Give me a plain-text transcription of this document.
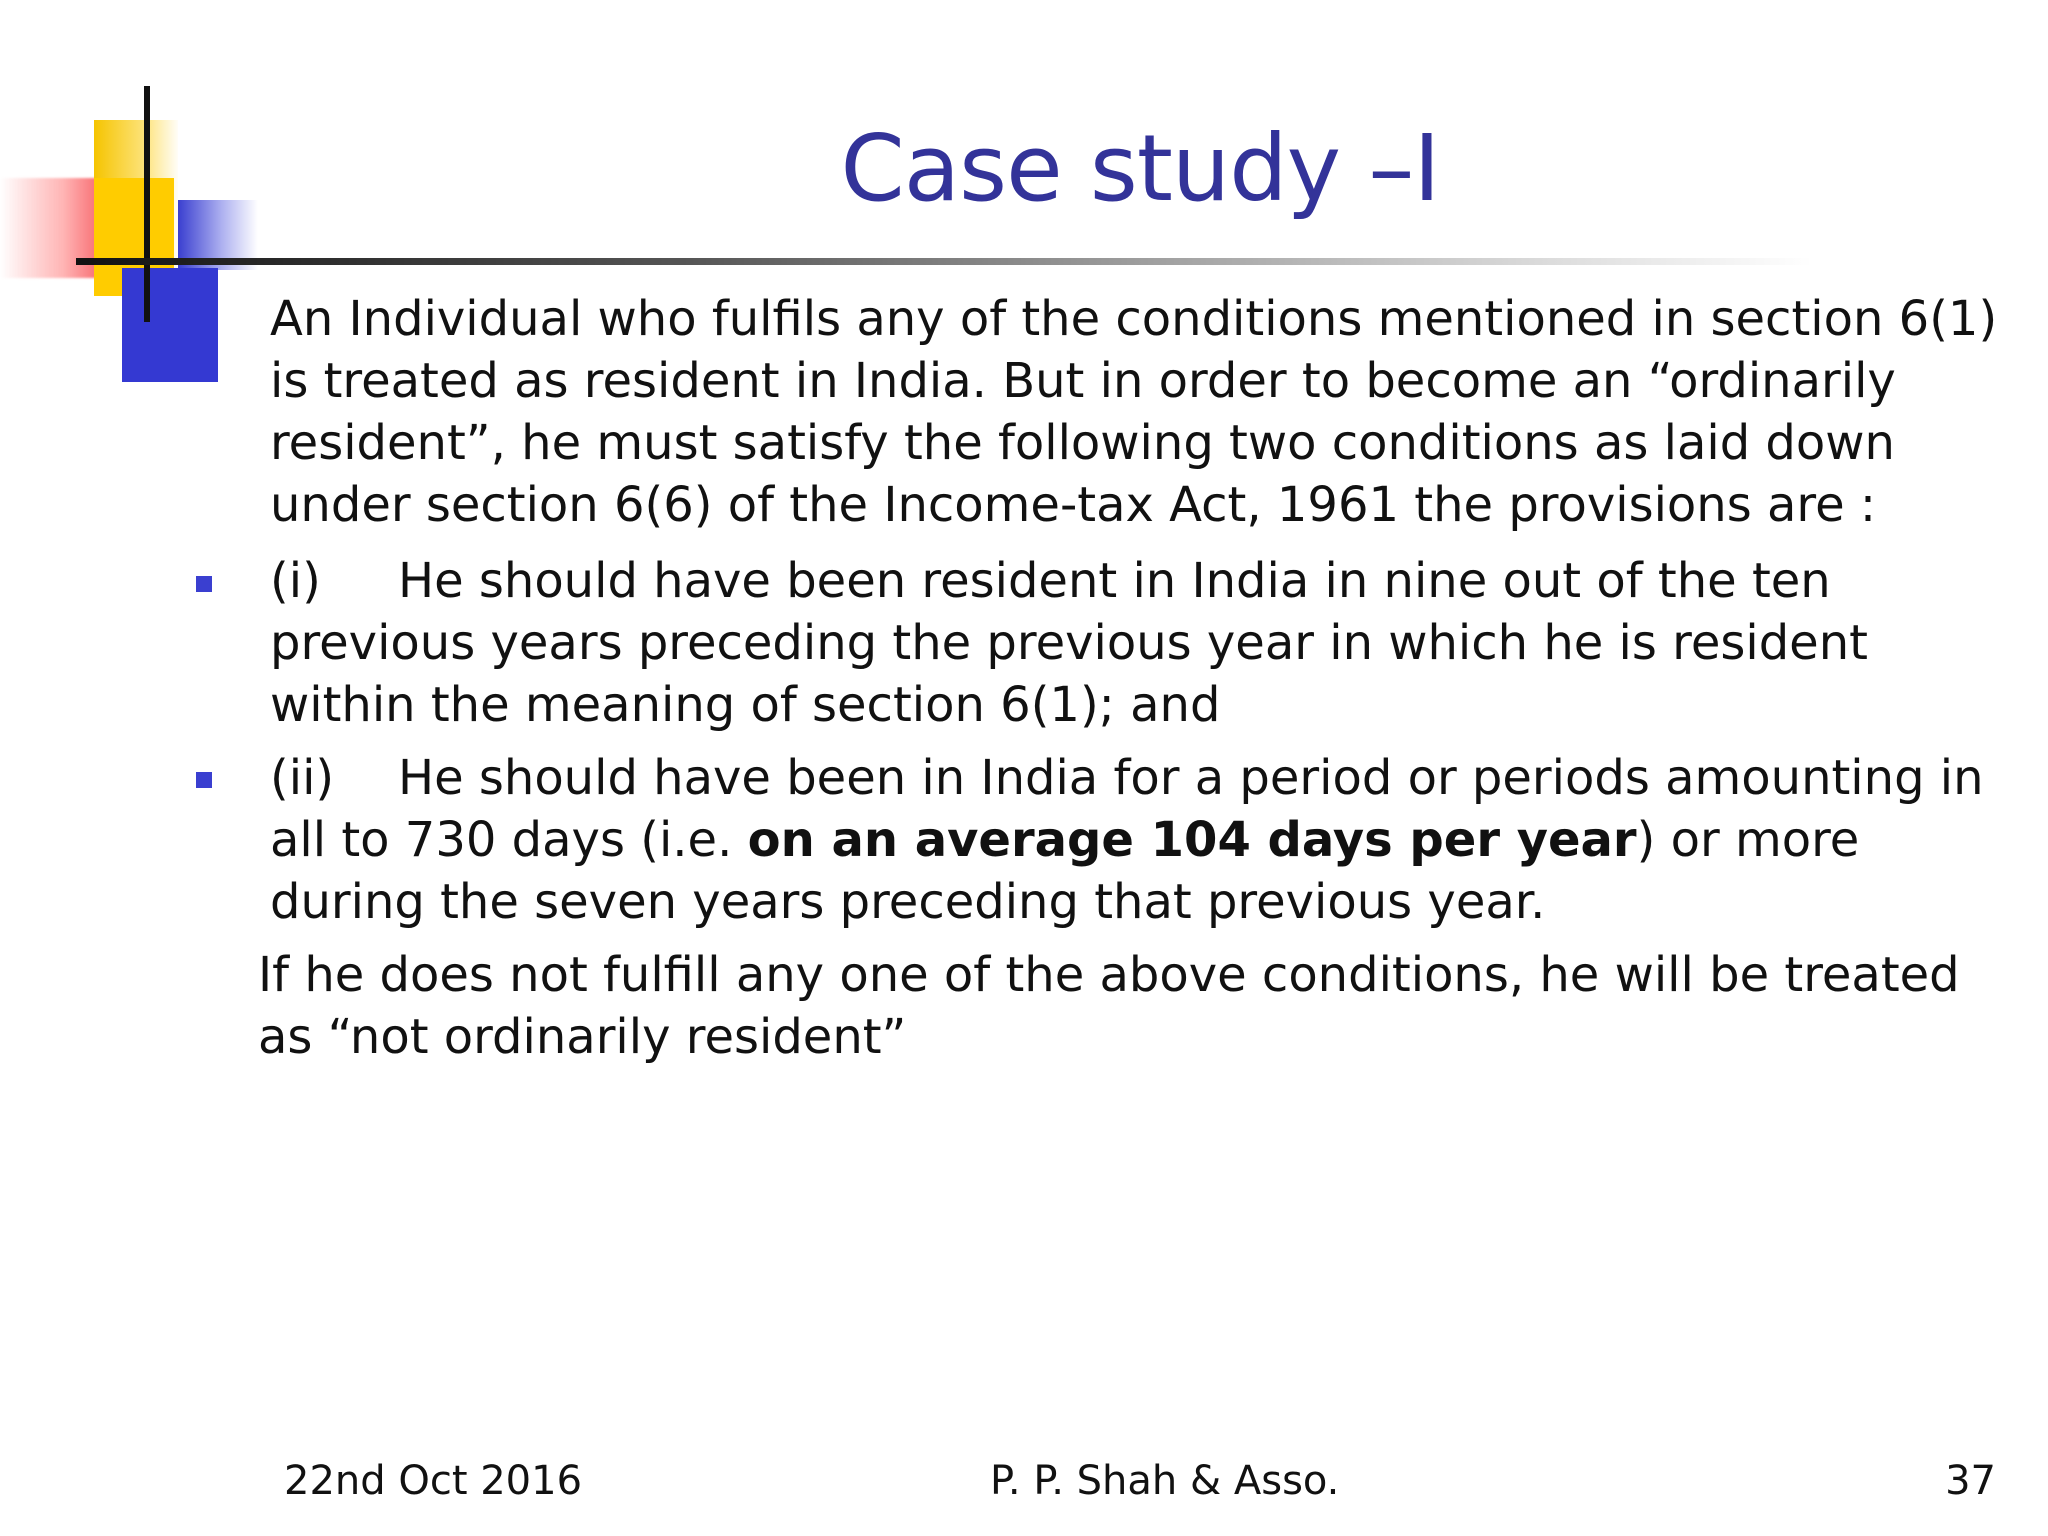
Case study –I

An Individual who fulfils any of the conditions mentioned in section 6(1) is treated as resident in India. But in order to become an “ordinarily resident”, he must satisfy the following two conditions as laid down under section 6(6) of the Income-tax Act, 1961 the provisions are :

(i) He should have been resident in India in nine out of the ten previous years preceding the previous year in which he is resident within the meaning of section 6(1); and

(ii) He should have been in India for a period or periods amounting in all to 730 days (i.e. on an average 104 days per year) or more during the seven years preceding that previous year.

If he does not fulfill any one of the above conditions, he will be treated as “not ordinarily resident”

22nd Oct 2016	P. P. Shah & Asso.	37
